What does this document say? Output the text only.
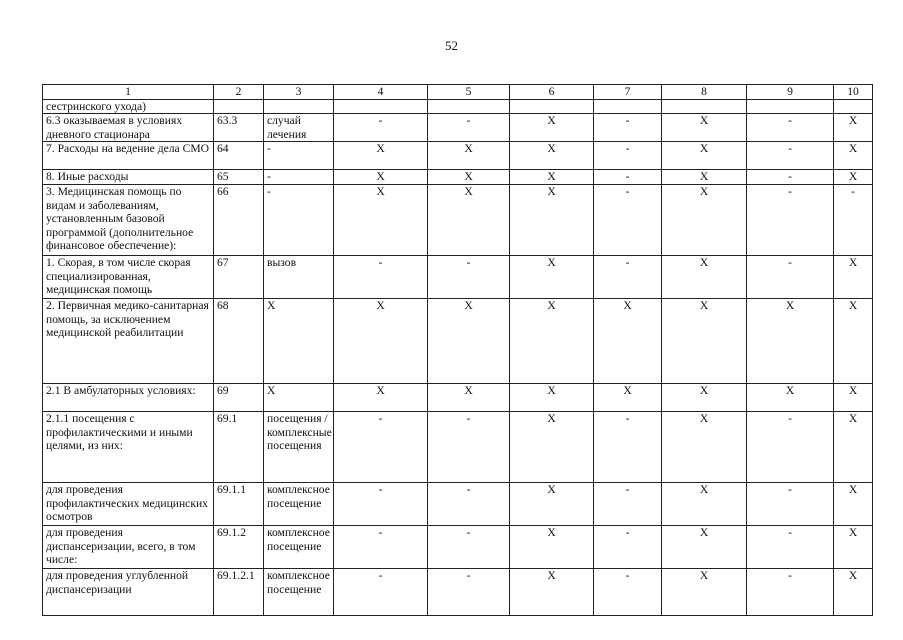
52
1	2	3	4	5	6	7	8	9	10
сестринского ухода)									
6.3 оказываемая в условиях дневного стационара	63.3	случай лечения	-	-	X	-	X	-	X
7. Расходы на ведение дела СМО	64	-	X	X	X	-	X	-	X
8. Иные расходы	65	-	X	X	X	-	X	-	X
3. Медицинская помощь по видам и заболеваниям, установленным базовой программой (дополнительное финансовое обеспечение):	66	-	X	X	X	-	X	-	-
1. Скорая, в том числе скорая специализированная, медицинская помощь	67	вызов	-	-	X	-	X	-	X
2. Первичная медико-санитарная помощь, за исключением медицинской реабилитации	68	X	X	X	X	X	X	X	X
2.1 В амбулаторных условиях:	69	X	X	X	X	X	X	X	X
2.1.1 посещения с профилактическими и иными целями, из них:	69.1	посещения / комплексные посещения	-	-	X	-	X	-	X
для проведения профилактических медицинских осмотров	69.1.1	комплексное посещение	-	-	X	-	X	-	X
для проведения диспансеризации, всего, в том числе:	69.1.2	комплексное посещение	-	-	X	-	X	-	X
для проведения углубленной диспансеризации	69.1.2.1	комплексное посещение	-	-	X	-	X	-	X
